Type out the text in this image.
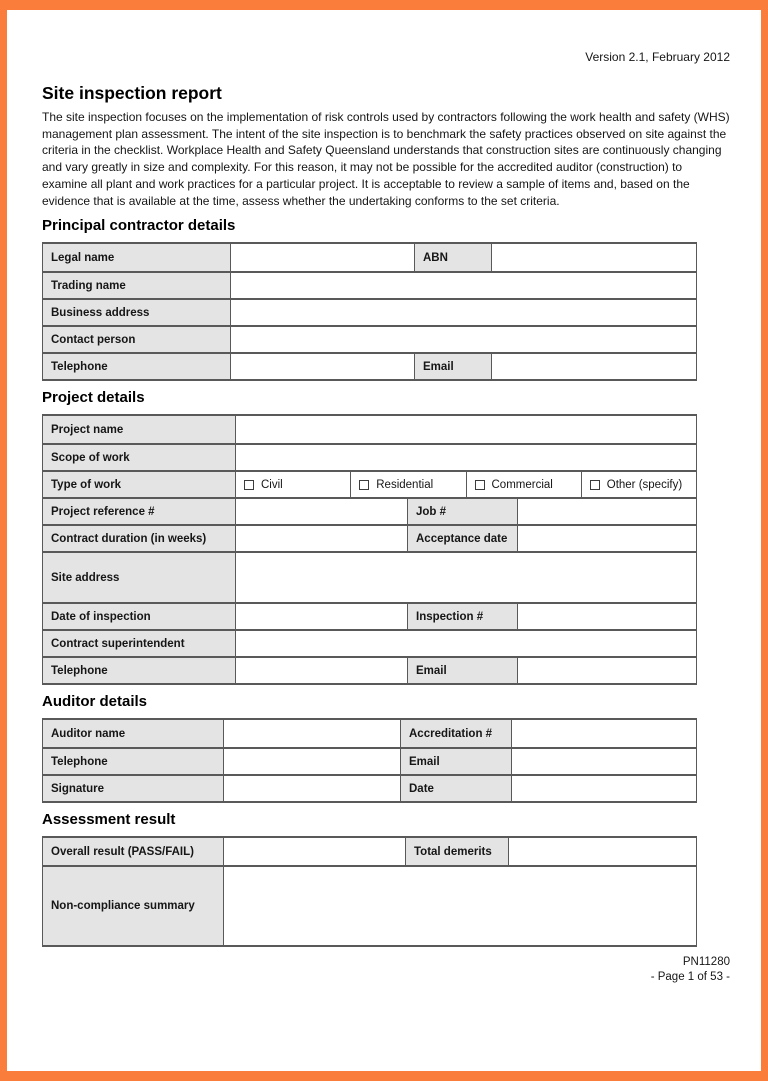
Version 2.1, February 2012
Site inspection report

The site inspection focuses on the implementation of risk controls used by contractors following the work health and safety (WHS) management plan assessment. The intent of the site inspection is to benchmark the safety practices observed on site against the criteria in the checklist. Workplace Health and Safety Queensland understands that construction sites are continuously changing and vary greatly in size and complexity. For this reason, it may not be possible for the accredited auditor (construction) to examine all plant and work practices for a particular project. It is acceptable to review a sample of items and, based on the evidence that is available at the time, assess whether the undertaking conforms to the set criteria.

Principal contractor details
Legal name	ABN
Trading name
Business address
Contact person
Telephone	Email
Project details
Project name
Scope of work
Type of work	Civil	Residential	Commercial	Other (specify)
Project reference #	Job #
Contract duration (in weeks)	Acceptance date
Site address
Date of inspection	Inspection #
Contract superintendent
Telephone	Email
Auditor details
Auditor name	Accreditation #
Telephone	Email
Signature	Date
Assessment result
Overall result (PASS/FAIL)	Total demerits
Non-compliance summary
PN11280
- Page 1 of 53 -
